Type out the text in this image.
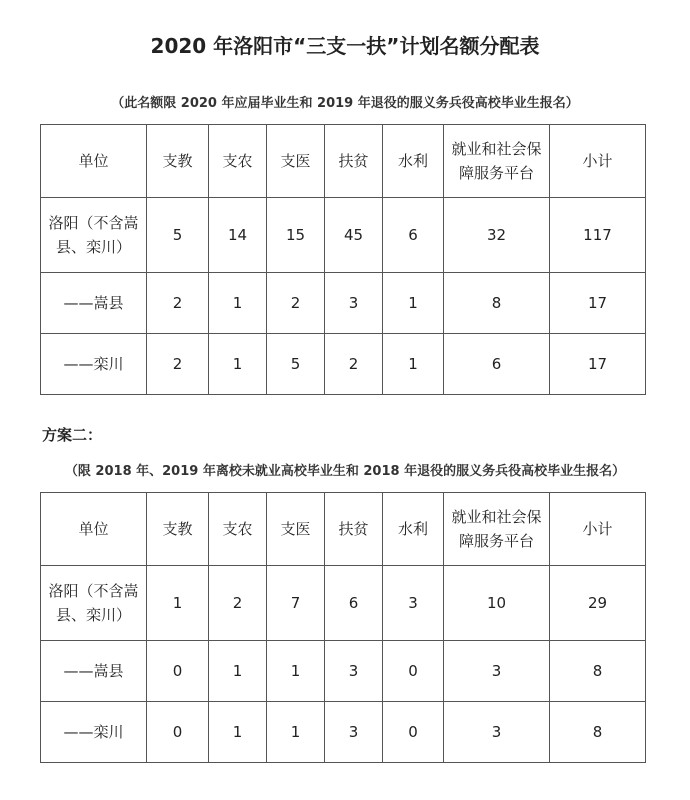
2020 年洛阳市“三支一扶”计划名额分配表
（此名额限 2020 年应届毕业生和 2019 年退役的服义务兵役高校毕业生报名）
单位	支教	支农	支医	扶贫	水利	就业和社会保障服务平台	小计
洛阳（不含嵩县、栾川）	5	14	15	45	6	32	117
——嵩县	2	1	2	3	1	8	17
——栾川	2	1	5	2	1	6	17
方案二：
（限 2018 年、2019 年离校未就业高校毕业生和 2018 年退役的服义务兵役高校毕业生报名）
单位	支教	支农	支医	扶贫	水利	就业和社会保障服务平台	小计
洛阳（不含嵩县、栾川）	1	2	7	6	3	10	29
——嵩县	0	1	1	3	0	3	8
——栾川	0	1	1	3	0	3	8
